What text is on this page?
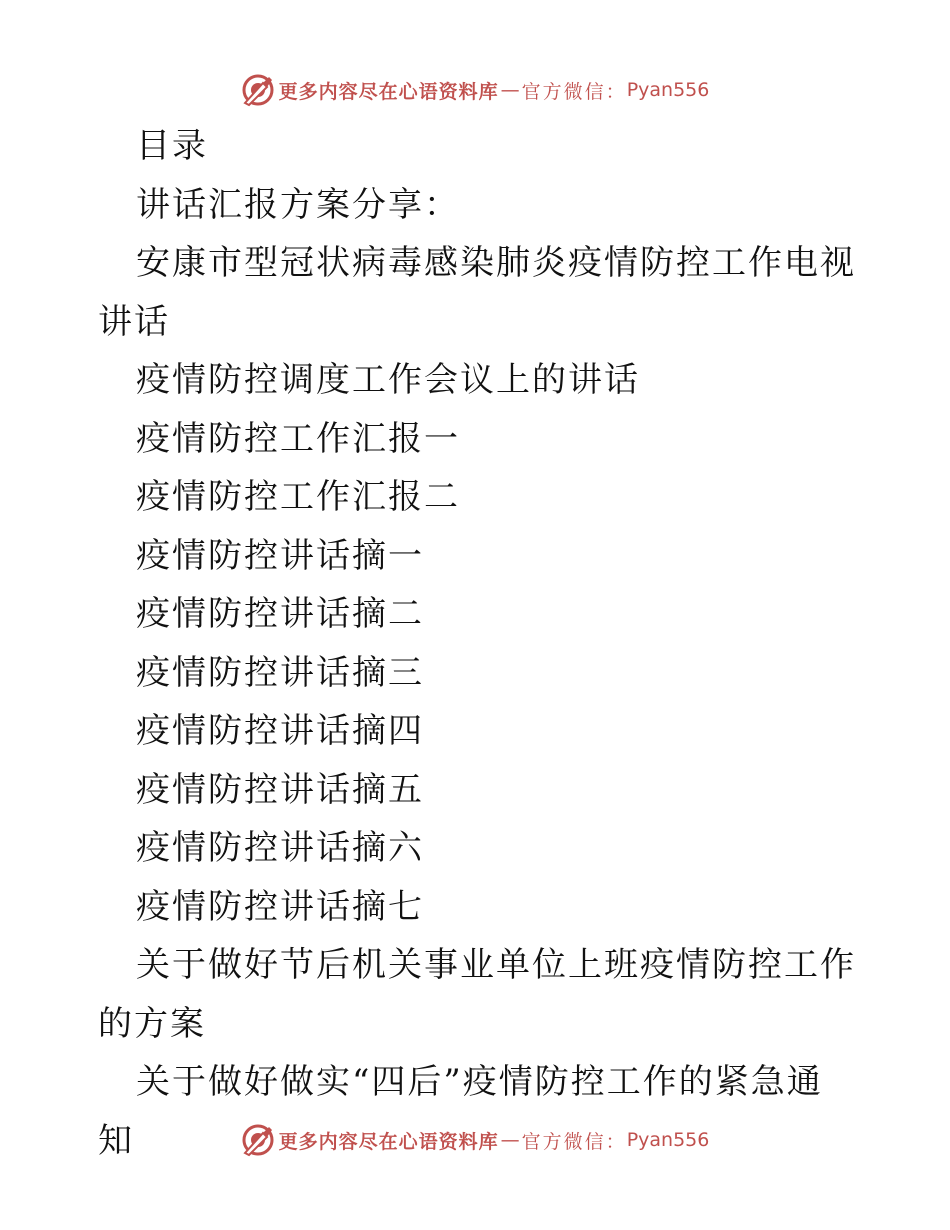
更多内容尽在心语资料库 — 官方微信： Pyan556

目录

讲话汇报方案分享：

安康市型冠状病毒感染肺炎疫情防控工作电视讲话

疫情防控调度工作会议上的讲话

疫情防控工作汇报一

疫情防控工作汇报二

疫情防控讲话摘一

疫情防控讲话摘二

疫情防控讲话摘三

疫情防控讲话摘四

疫情防控讲话摘五

疫情防控讲话摘六

疫情防控讲话摘七

关于做好节后机关事业单位上班疫情防控工作的方案

关于做好做实“四后”疫情防控工作的紧急通知	更多内容尽在心语资料库 — 官方微信： Pyan556
